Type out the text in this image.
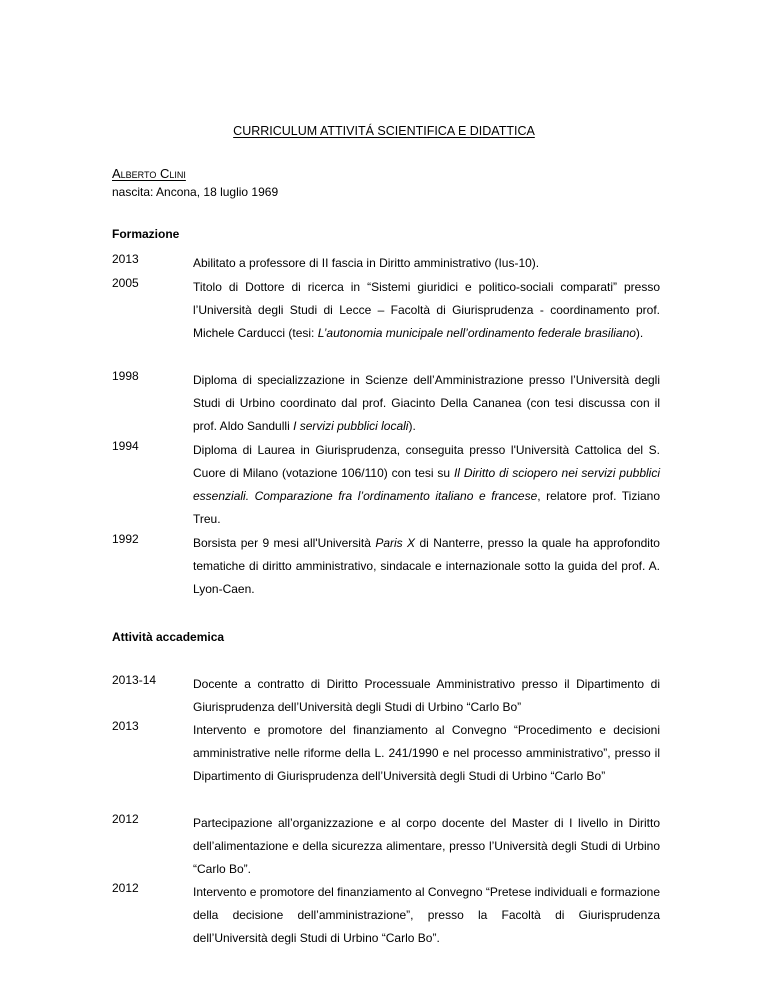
CURRICULUM ATTIVITÁ SCIENTIFICA E DIDATTICA
Alberto Clini
nascita: Ancona, 18 luglio 1969
Formazione
2013	Abilitato a professore di II fascia in Diritto amministrativo (Ius-10).

2005	Titolo di Dottore di ricerca in “Sistemi giuridici e politico-sociali comparati” presso l’Università degli Studi di Lecce – Facoltà di Giurisprudenza - coordinamento prof. Michele Carducci (tesi: L’autonomia municipale nell’ordinamento federale brasiliano).

1998	Diploma di specializzazione in Scienze dell’Amministrazione presso l’Università degli Studi di Urbino coordinato dal prof. Giacinto Della Cananea (con tesi discussa con il prof. Aldo Sandulli I servizi pubblici locali).

1994	Diploma di Laurea in Giurisprudenza, conseguita presso l'Università Cattolica del S. Cuore di Milano (votazione 106/110) con tesi su Il Diritto di sciopero nei servizi pubblici essenziali. Comparazione fra l’ordinamento italiano e francese, relatore prof. Tiziano Treu.

1992	Borsista per 9 mesi all'Università Paris X di Nanterre, presso la quale ha approfondito tematiche di diritto amministrativo, sindacale e internazionale sotto la guida del prof. A. Lyon-Caen.

Attività accademica
2013-14	Docente a contratto di Diritto Processuale Amministrativo presso il Dipartimento di Giurisprudenza dell’Università degli Studi di Urbino “Carlo Bo”

2013	Intervento e promotore del finanziamento al Convegno “Procedimento e decisioni amministrative nelle riforme della L. 241/1990 e nel processo amministrativo”, presso il Dipartimento di Giurisprudenza dell’Università degli Studi di Urbino “Carlo Bo”

2012	Partecipazione all’organizzazione e al corpo docente del Master di I livello in Diritto dell’alimentazione e della sicurezza alimentare, presso l’Università degli Studi di Urbino “Carlo Bo”.

2012	Intervento e promotore del finanziamento al Convegno “Pretese individuali e formazione della decisione dell’amministrazione”, presso la Facoltà di Giurisprudenza dell’Università degli Studi di Urbino “Carlo Bo”.
